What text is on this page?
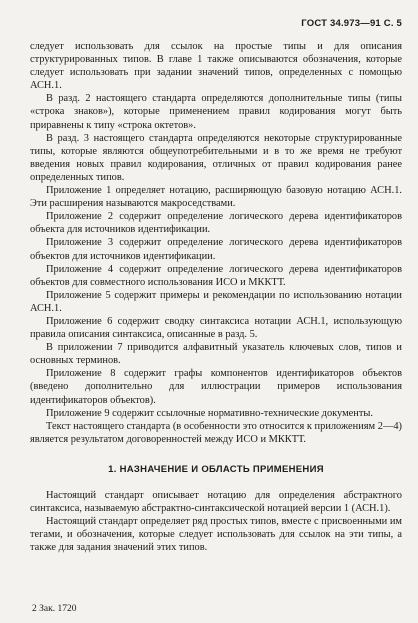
ГОСТ 34.973—91 С. 5

следует использовать для ссылок на простые типы и для описания структурированных типов. В главе 1 также описываются обозначения, которые следует использовать при задании значений типов, определенных с помощью АСН.1.

В разд. 2 настоящего стандарта определяются дополнительные типы (типы «строка знаков»), которые применением правил кодирования могут быть приравнены к типу «строка октетов».

В разд. 3 настоящего стандарта определяются некоторые структурированные типы, которые являются общеупотребительными и в то же время не требуют введения новых правил кодирования, отличных от правил кодирования ранее определенных типов.

Приложение 1 определяет нотацию, расширяющую базовую нотацию АСН.1. Эти расширения называются макроседствами.

Приложение 2 содержит определение логического дерева идентификаторов объекта для источников идентификации.

Приложение 3 содержит определение логического дерева идентификаторов объектов для источников идентификации.

Приложение 4 содержит определение логического дерева идентификаторов объектов для совместного использования ИСО и МККТТ.

Приложение 5 содержит примеры и рекомендации по использованию нотации АСН.1.

Приложение 6 содержит сводку синтаксиса нотации АСН.1, использующую правила описания синтаксиса, описанные в разд. 5.

В приложении 7 приводится алфавитный указатель ключевых слов, типов и основных терминов.

Приложение 8 содержит графы компонентов идентификаторов объектов (введено дополнительно для иллюстрации примеров использования идентификаторов объектов).

Приложение 9 содержит ссылочные нормативно-технические документы.

Текст настоящего стандарта (в особенности это относится к приложениям 2—4) является результатом договоренностей между ИСО и МККТТ.

1. НАЗНАЧЕНИЕ И ОБЛАСТЬ ПРИМЕНЕНИЯ

Настоящий стандарт описывает нотацию для определения абстрактного синтаксиса, называемую абстрактно-синтаксической нотацией версии 1 (АСН.1).

Настоящий стандарт определяет ряд простых типов, вместе с присвоенными им тегами, и обозначения, которые следует использовать для ссылок на эти типы, а также для задания значений этих типов.

2 Зак. 1720
